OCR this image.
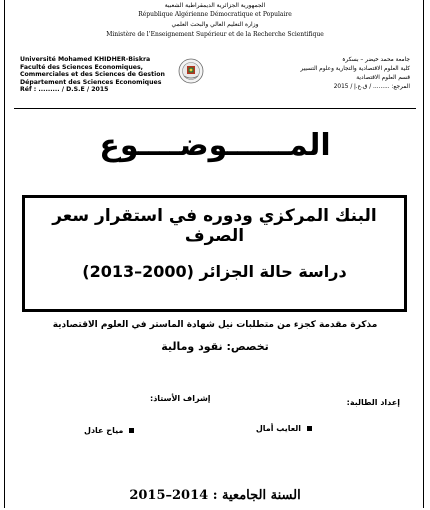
الجمهورية الجزائرية الديمقراطية الشعبية
République Algérienne Démocratique et Populaire
وزارة التعليم العالي والبحث العلمي
Ministère de l’Enseignement Supérieur et de la Recherche Scientifique
Université Mohamed KHIDHER-Biskra
Faculté des Sciences Economiques,
Commerciales et des Sciences de Gestion
Département des Sciences Economiques
Réf : ......... / D.S.E / 2015
جامعة محمد خيضر – بسكرة
كلية العلوم الاقتصادية والتجارية وعلوم التسيير
قسم العلوم الاقتصادية
المرجع: ......... / ق.ع.إ / 2015
المــــــوضــــوع
البنك المركزي ودوره في استقرار سعر الصرف
دراسة حالة الجزائر (2000–2013)
مذكرة مقدمة كجزء من متطلبات نيل شهادة الماستر في العلوم الاقتصادية
تخصص: نقود ومالية
إعداد الطالبة:
إشراف الأستاذ:
العايب أمال
مياح عادل
السنة الجامعية : 2014–2015
